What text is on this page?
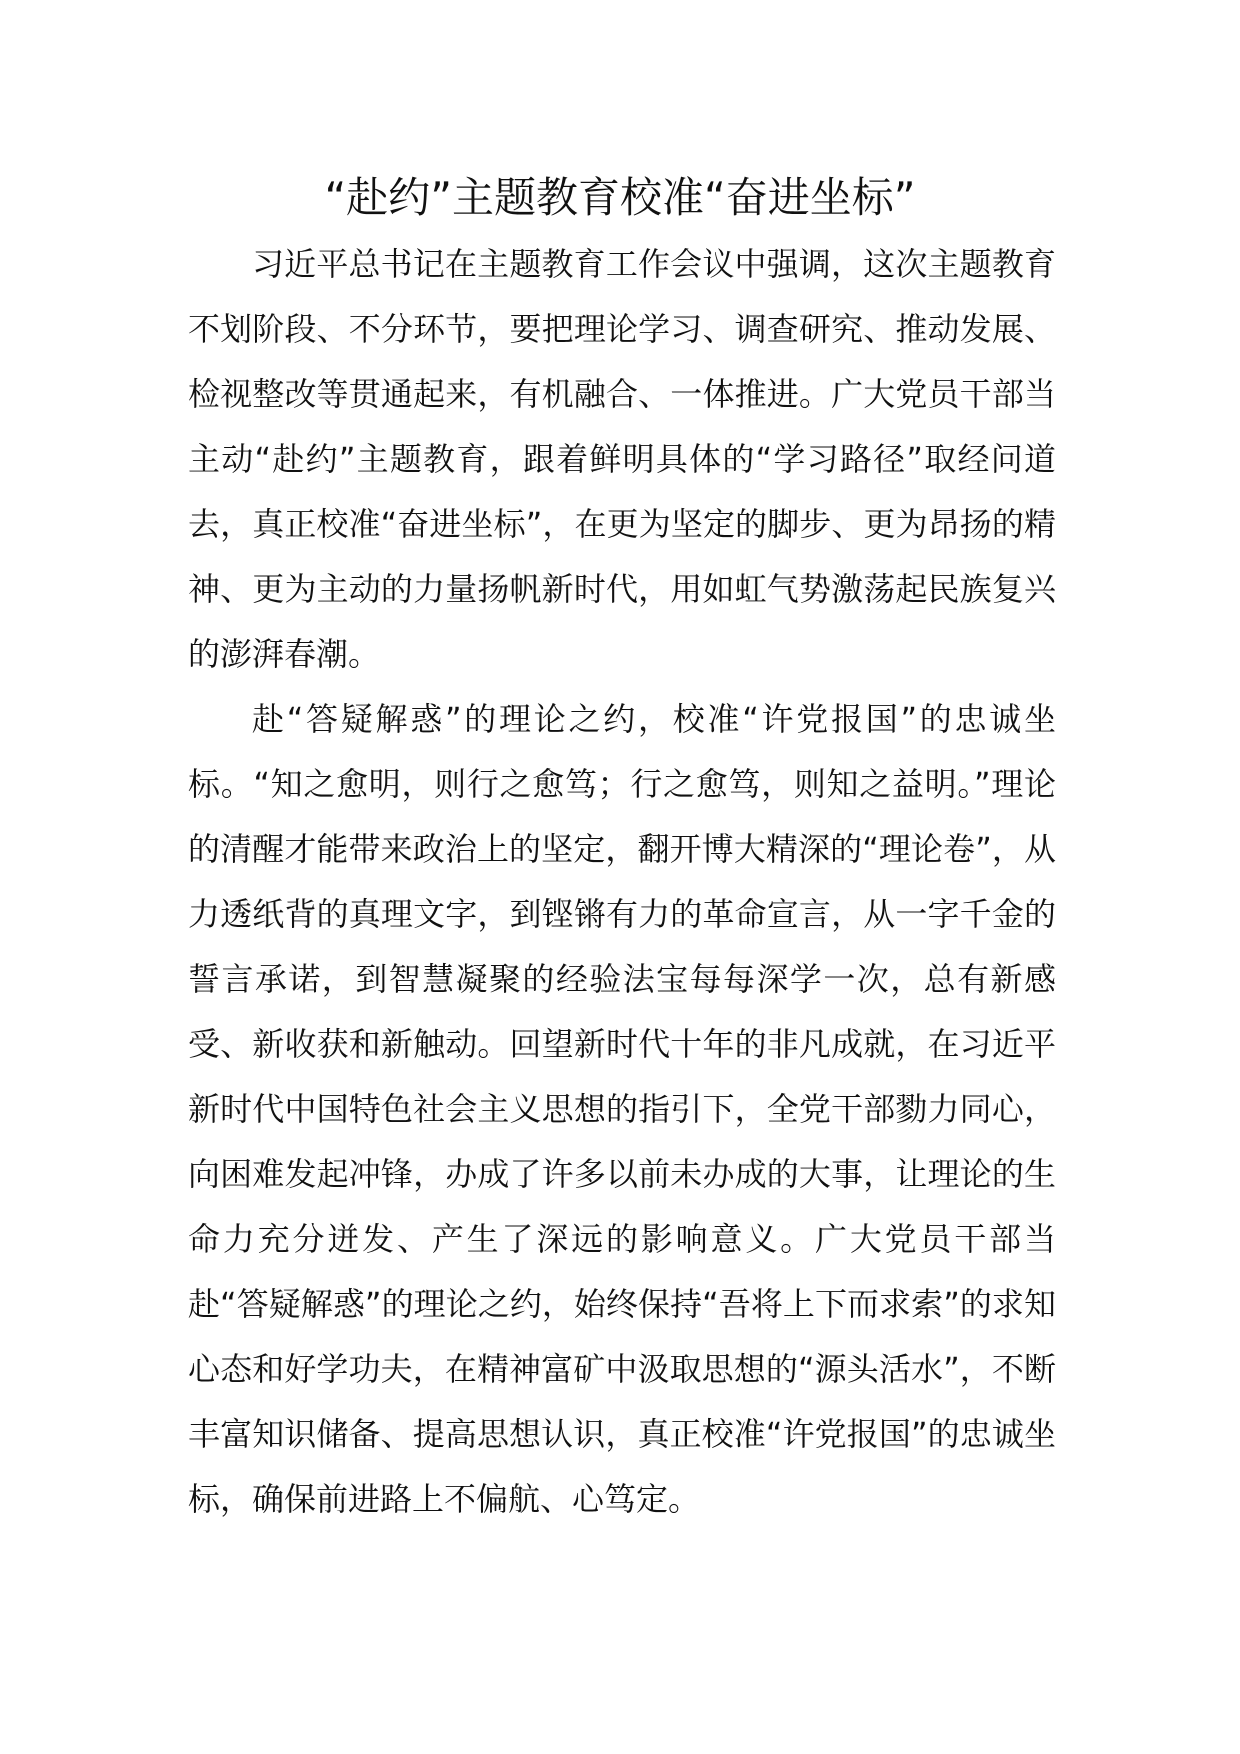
“赴约”主题教育校准“奋进坐标”

习近平总书记在主题教育工作会议中强调，这次主题教育不划阶段、不分环节，要把理论学习、调查研究、推动发展、检视整改等贯通起来，有机融合、一体推进。广大党员干部当主动“赴约”主题教育，跟着鲜明具体的“学习路径”取经问道去，真正校准“奋进坐标”，在更为坚定的脚步、更为昂扬的精神、更为主动的力量扬帆新时代，用如虹气势激荡起民族复兴的澎湃春潮。

赴“答疑解惑”的理论之约，校准“许党报国”的忠诚坐标。“知之愈明，则行之愈笃；行之愈笃，则知之益明。”理论的清醒才能带来政治上的坚定，翻开博大精深的“理论卷”，从力透纸背的真理文字，到铿锵有力的革命宣言，从一字千金的誓言承诺，到智慧凝聚的经验法宝每每深学一次，总有新感受、新收获和新触动。回望新时代十年的非凡成就，在习近平新时代中国特色社会主义思想的指引下，全党干部勠力同心，向困难发起冲锋，办成了许多以前未办成的大事，让理论的生命力充分迸发、产生了深远的影响意义。广大党员干部当赴“答疑解惑”的理论之约，始终保持“吾将上下而求索”的求知心态和好学功夫，在精神富矿中汲取思想的“源头活水”，不断丰富知识储备、提高思想认识，真正校准“许党报国”的忠诚坐标，确保前进路上不偏航、心笃定。
